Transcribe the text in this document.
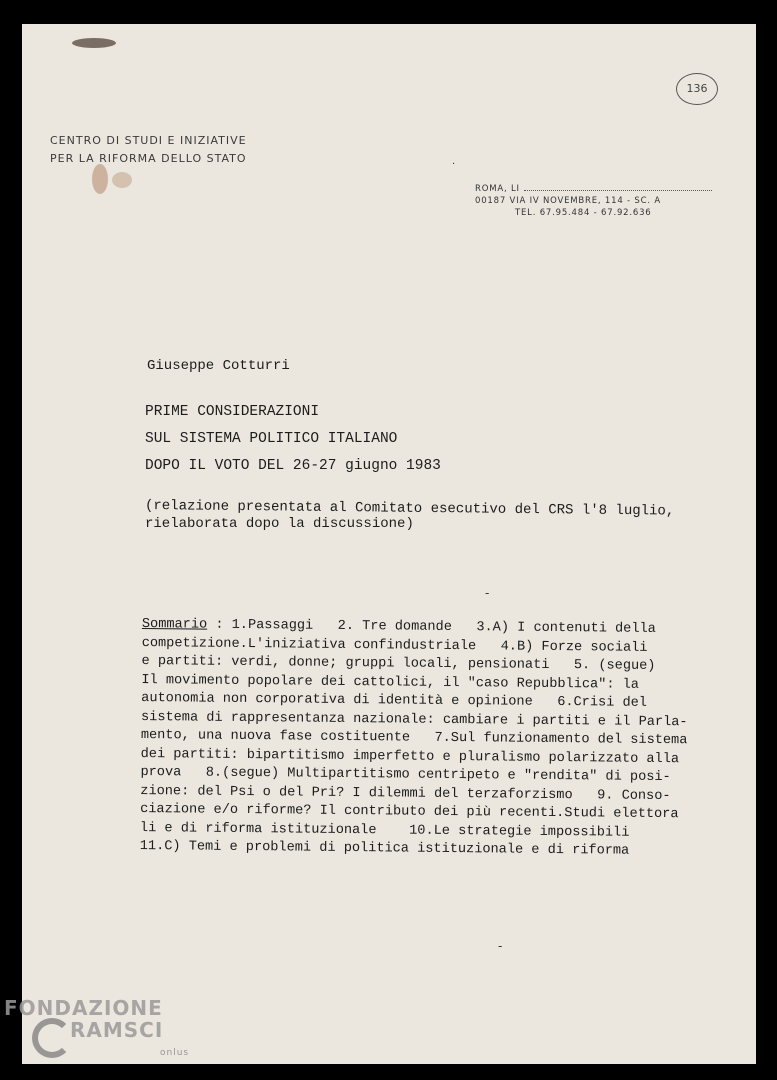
CENTRO DI STUDI E INIZIATIVE
PER LA RIFORMA DELLO STATO
ROMA, LI
00187 VIA IV NOVEMBRE, 114 - SC. A
TEL. 67.95.484 - 67.92.636
136
Giuseppe Cotturri
PRIME CONSIDERAZIONI
SUL SISTEMA POLITICO ITALIANO
DOPO IL VOTO DEL 26-27 giugno 1983
(relazione presentata al Comitato esecutivo del CRS l'8 luglio,
rielaborata dopo la discussione)
Sommario : 1.Passaggi   2. Tre domande   3.A) I contenuti della
competizione.L'iniziativa confindustriale   4.B) Forze sociali
e partiti: verdi, donne; gruppi locali, pensionati   5. (segue)
Il movimento popolare dei cattolici, il "caso Repubblica": la
autonomia non corporativa di identità e opinione   6.Crisi del
sistema di rappresentanza nazionale: cambiare i partiti e il Parla-
mento, una nuova fase costituente   7.Sul funzionamento del sistema
dei partiti: bipartitismo imperfetto e pluralismo polarizzato alla
prova   8.(segue) Multipartitismo centripeto e "rendita" di posi-
zione: del Psi o del Pri? I dilemmi del terzaforzismo   9. Conso-
ciazione e/o riforme? Il contributo dei più recenti.Studi elettora
li e di riforma istituzionale    10.Le strategie impossibili
11.C) Temi e problemi di politica istituzionale e di riforma
·
-
-
FONDAZIONE
RAMSCI
onlus
